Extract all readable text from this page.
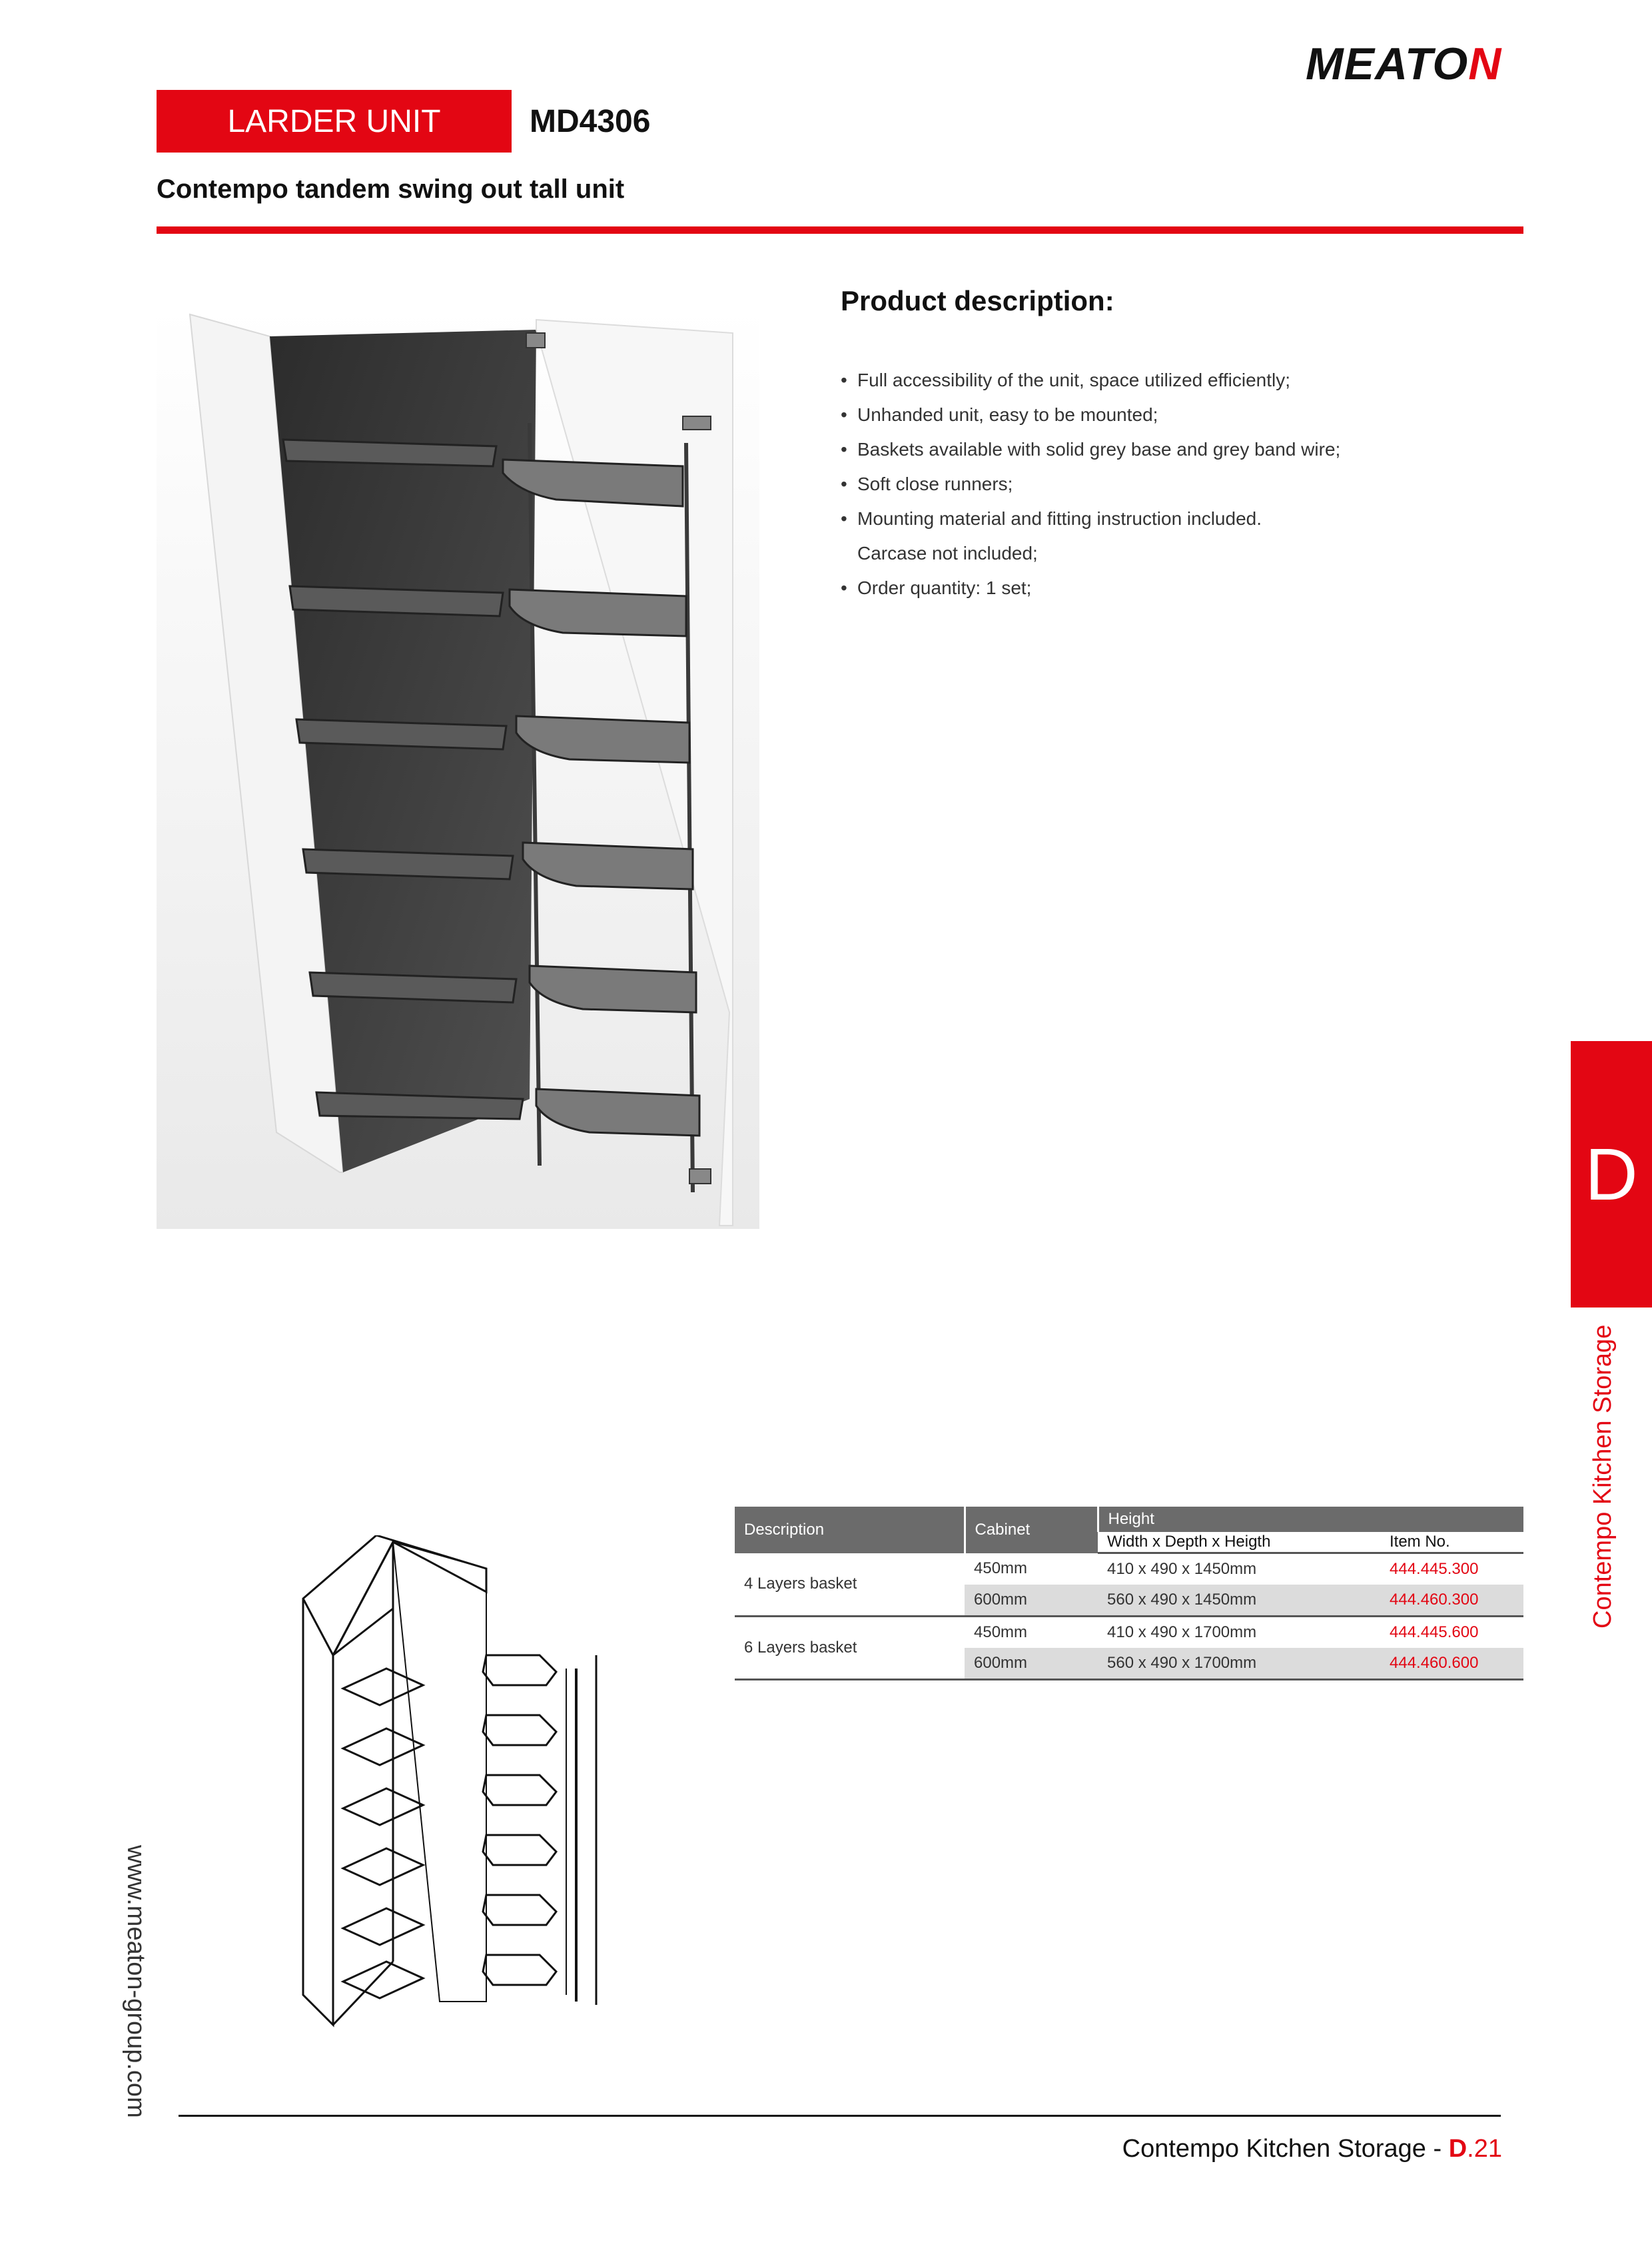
MEATON
LARDER UNIT	MD4306
Contempo tandem swing out tall unit
Product description:
• Full accessibility of the unit, space utilized efficiently;
• Unhanded unit, easy to be mounted;
• Baskets available with solid grey base and grey band wire;
• Soft close runners;
• Mounting material and fitting instruction included.
Carcase not included;
• Order quantity: 1 set;
D
Contempo Kitchen Storage
www.meaton-group.com
Description	Cabinet	Height	
		Width x Depth x Heigth	Item No.
4 Layers basket	450mm	410 x 490 x 1450mm	444.445.300
	600mm	560 x 490 x 1450mm	444.460.300
6 Layers basket	450mm	410 x 490 x 1700mm	444.445.600
	600mm	560 x 490 x 1700mm	444.460.600
Contempo Kitchen Storage - D.21
